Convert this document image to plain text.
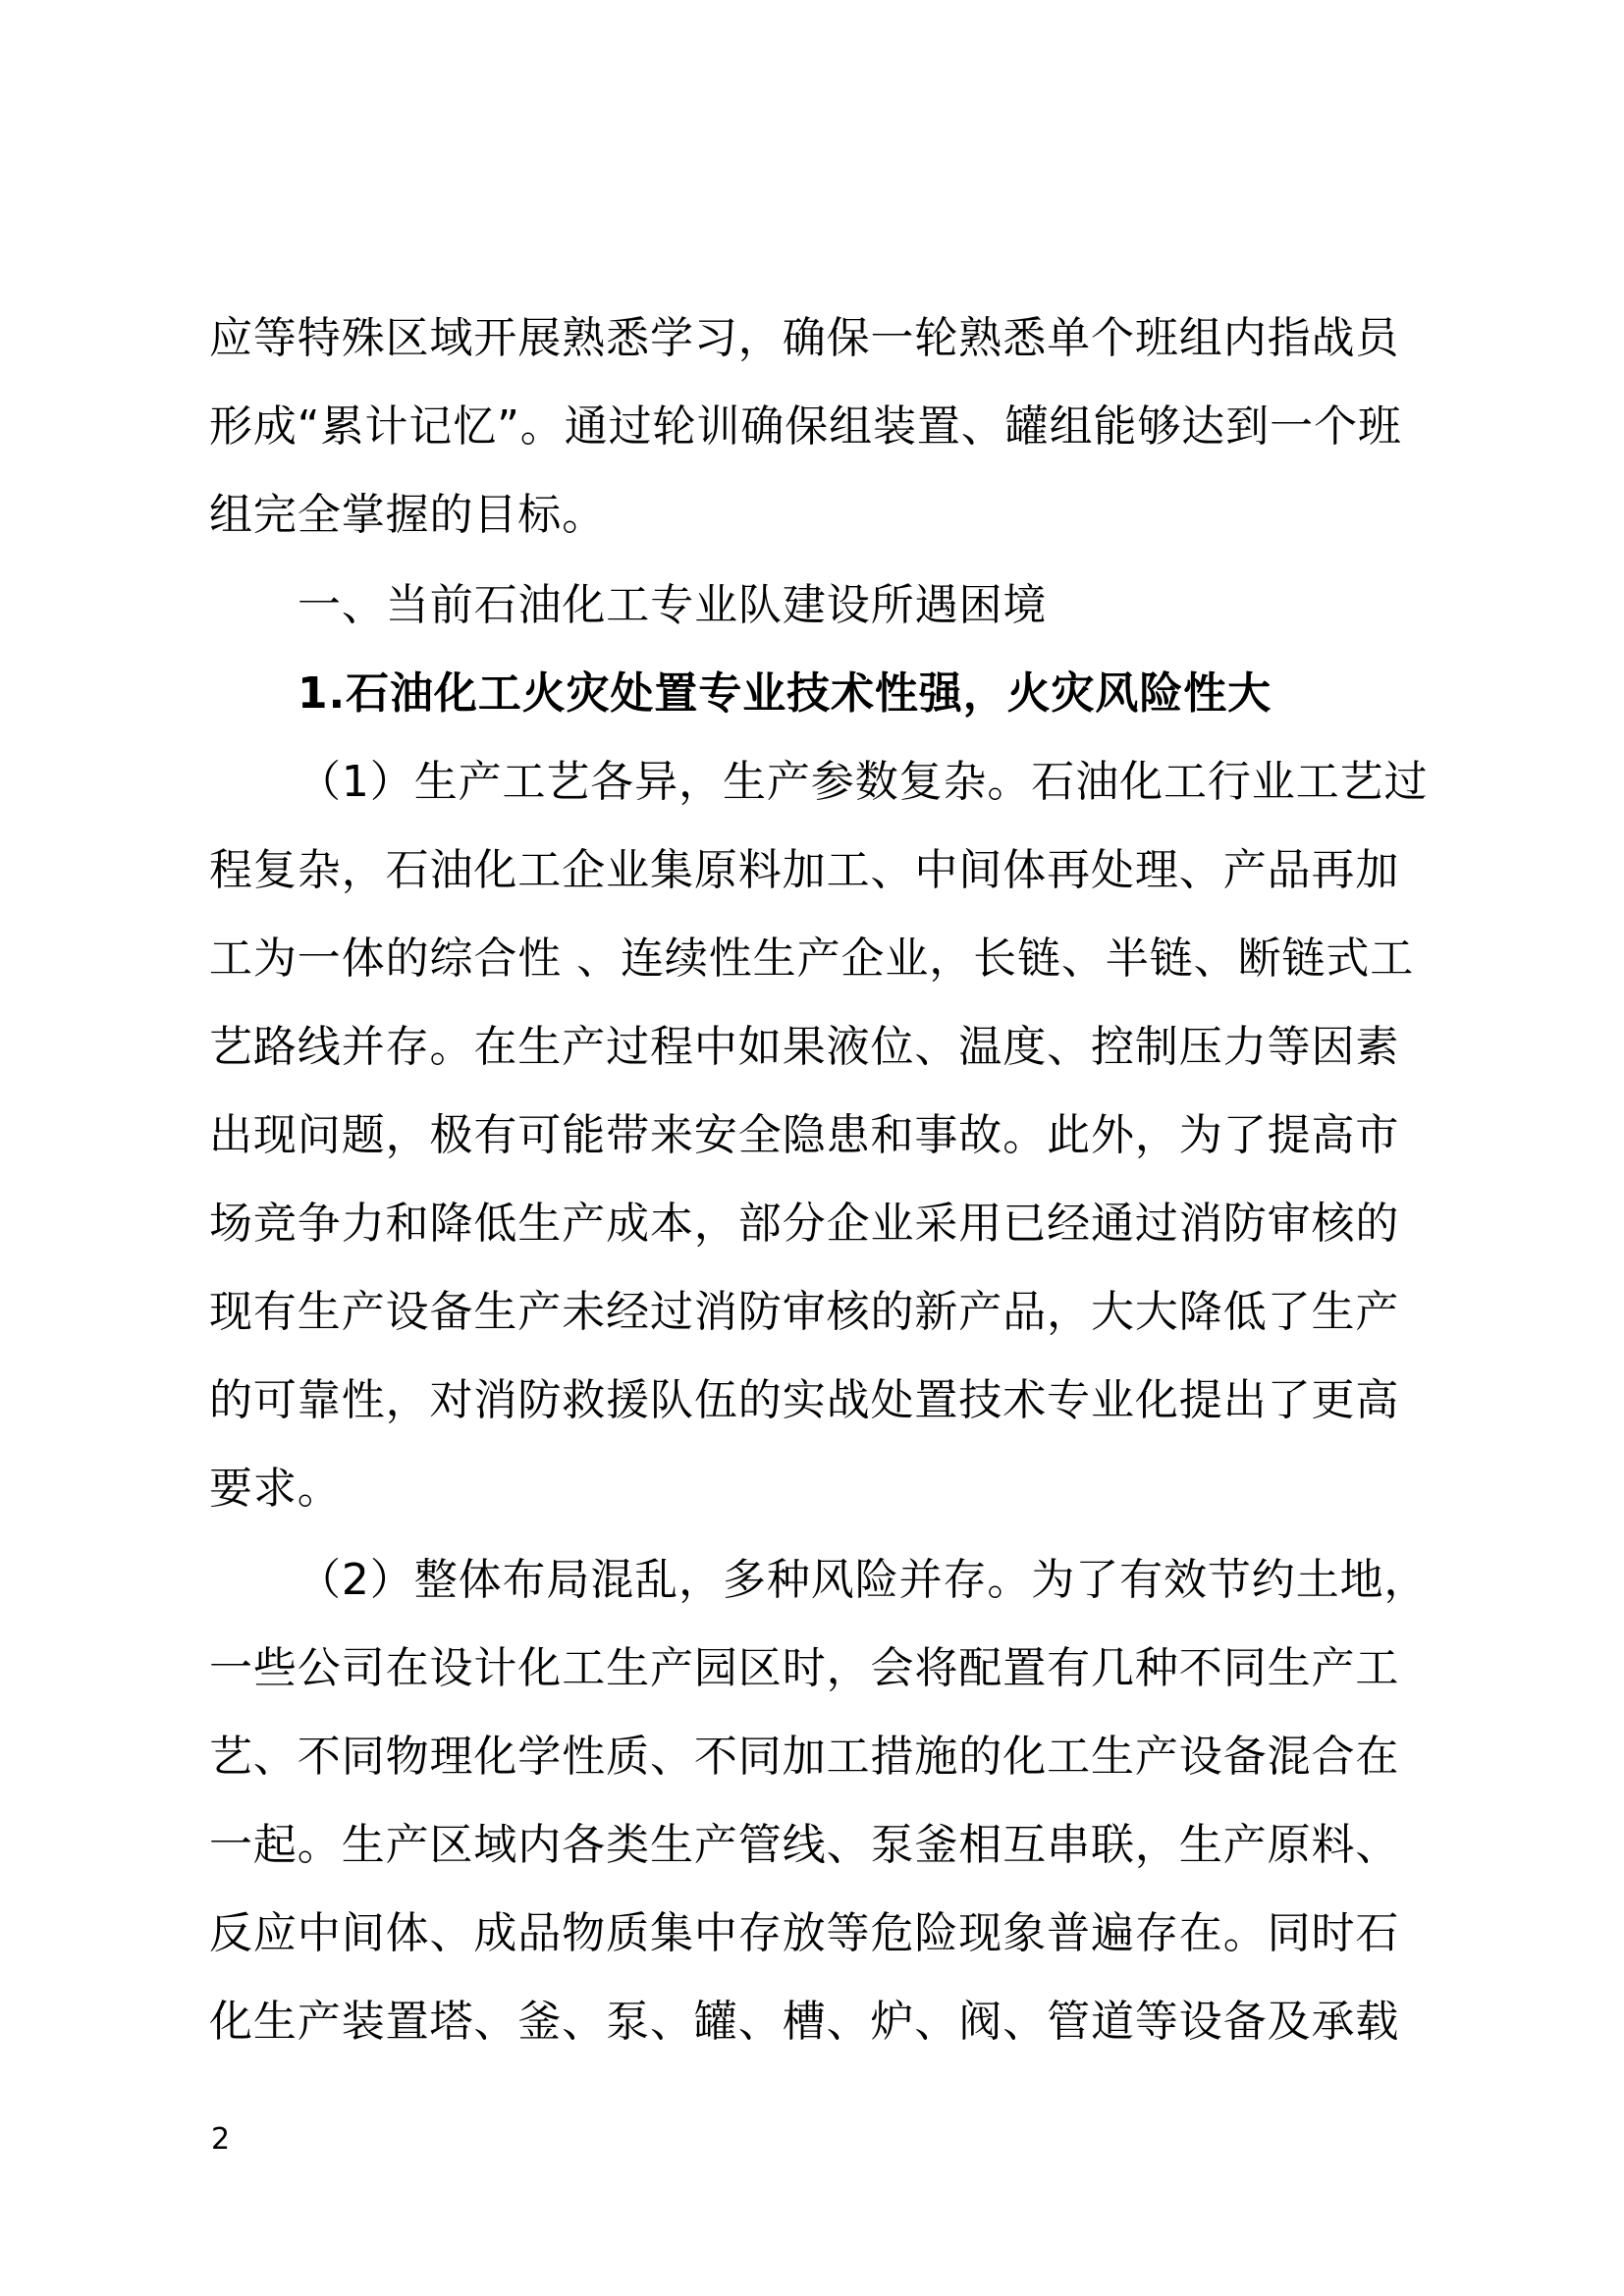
应等特殊区域开展熟悉学习，确保一轮熟悉单个班组内指战员
形成“累计记忆”。通过轮训确保组装置、罐组能够达到一个班
组完全掌握的目标。
一、当前石油化工专业队建设所遇困境
1.石油化工火灾处置专业技术性强，火灾风险性大
（1）生产工艺各异，生产参数复杂。石油化工行业工艺过
程复杂，石油化工企业集原料加工、中间体再处理、产品再加
工为一体的综合性 、连续性生产企业，长链、半链、断链式工
艺路线并存。在生产过程中如果液位、温度、控制压力等因素
出现问题，极有可能带来安全隐患和事故。此外，为了提高市
场竞争力和降低生产成本，部分企业采用已经通过消防审核的
现有生产设备生产未经过消防审核的新产品，大大降低了生产
的可靠性，对消防救援队伍的实战处置技术专业化提出了更高
要求。
（2）整体布局混乱，多种风险并存。为了有效节约土地，
一些公司在设计化工生产园区时，会将配置有几种不同生产工
艺、不同物理化学性质、不同加工措施的化工生产设备混合在
一起。生产区域内各类生产管线、泵釜相互串联，生产原料、
反应中间体、成品物质集中存放等危险现象普遍存在。同时石
化生产装置塔、釜、泵、罐、槽、炉、阀、管道等设备及承载
2
